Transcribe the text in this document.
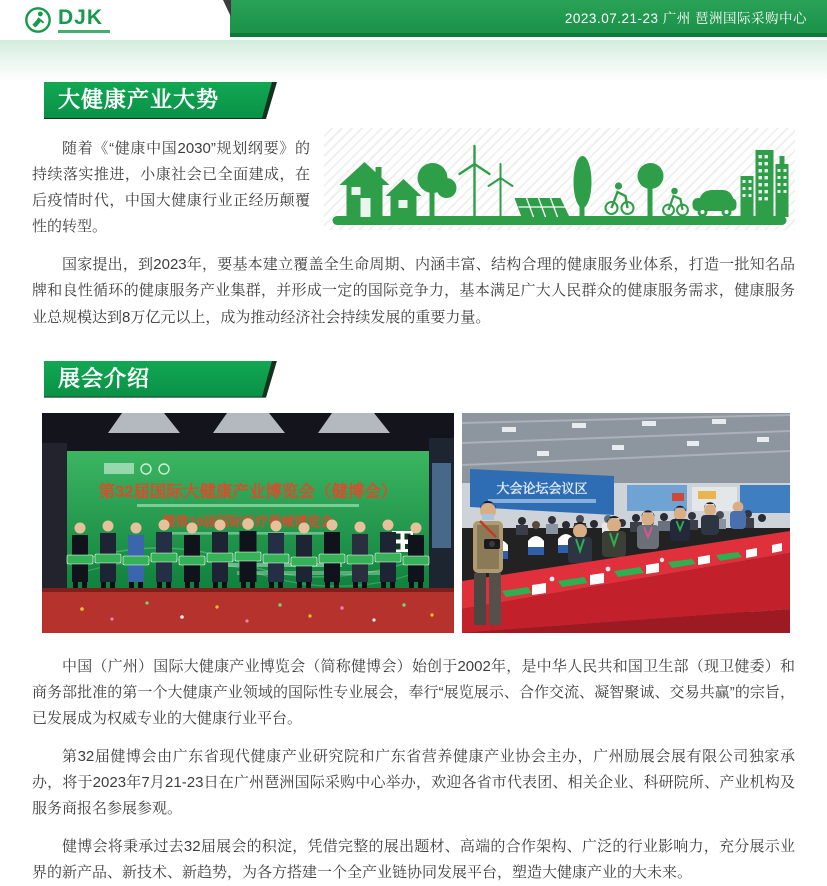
DJK	2023.07.21-23 广州 琶洲国际采购中心
大健康产业大势

随着《“健康中国2030”规划纲要》的持续落实推进，小康社会已全面建成，在后疫情时代，中国大健康行业正经历颠覆性的转型。

国家提出，到2023年，要基本建立覆盖全生命周期、内涵丰富、结构合理的健康服务业体系，打造一批知名品牌和良性循环的健康服务产业集群，并形成一定的国际竞争力，基本满足广大人民群众的健康服务需求，健康服务业总规模达到8万亿元以上，成为推动经济社会持续发展的重要力量。

展会介绍
第32届国际大健康产业博览会（健博会）	大会论坛会议区

中国（广州）国际大健康产业博览会（简称健博会）始创于2002年，是中华人民共和国卫生部（现卫健委）和商务部批准的第一个大健康产业领域的国际性专业展会，奉行“展览展示、合作交流、凝智聚诚、交易共赢”的宗旨，已发展成为权威专业的大健康行业平台。

第32届健博会由广东省现代健康产业研究院和广东省营养健康产业协会主办，广州励展会展有限公司独家承办，将于2023年7月21-23日在广州琶洲国际采购中心举办，欢迎各省市代表团、相关企业、科研院所、产业机构及服务商报名参展参观。

健博会将秉承过去32届展会的积淀，凭借完整的展出题材、高端的合作架构、广泛的行业影响力，充分展示业界的新产品、新技术、新趋势，为各方搭建一个全产业链协同发展平台，塑造大健康产业的大未来。
